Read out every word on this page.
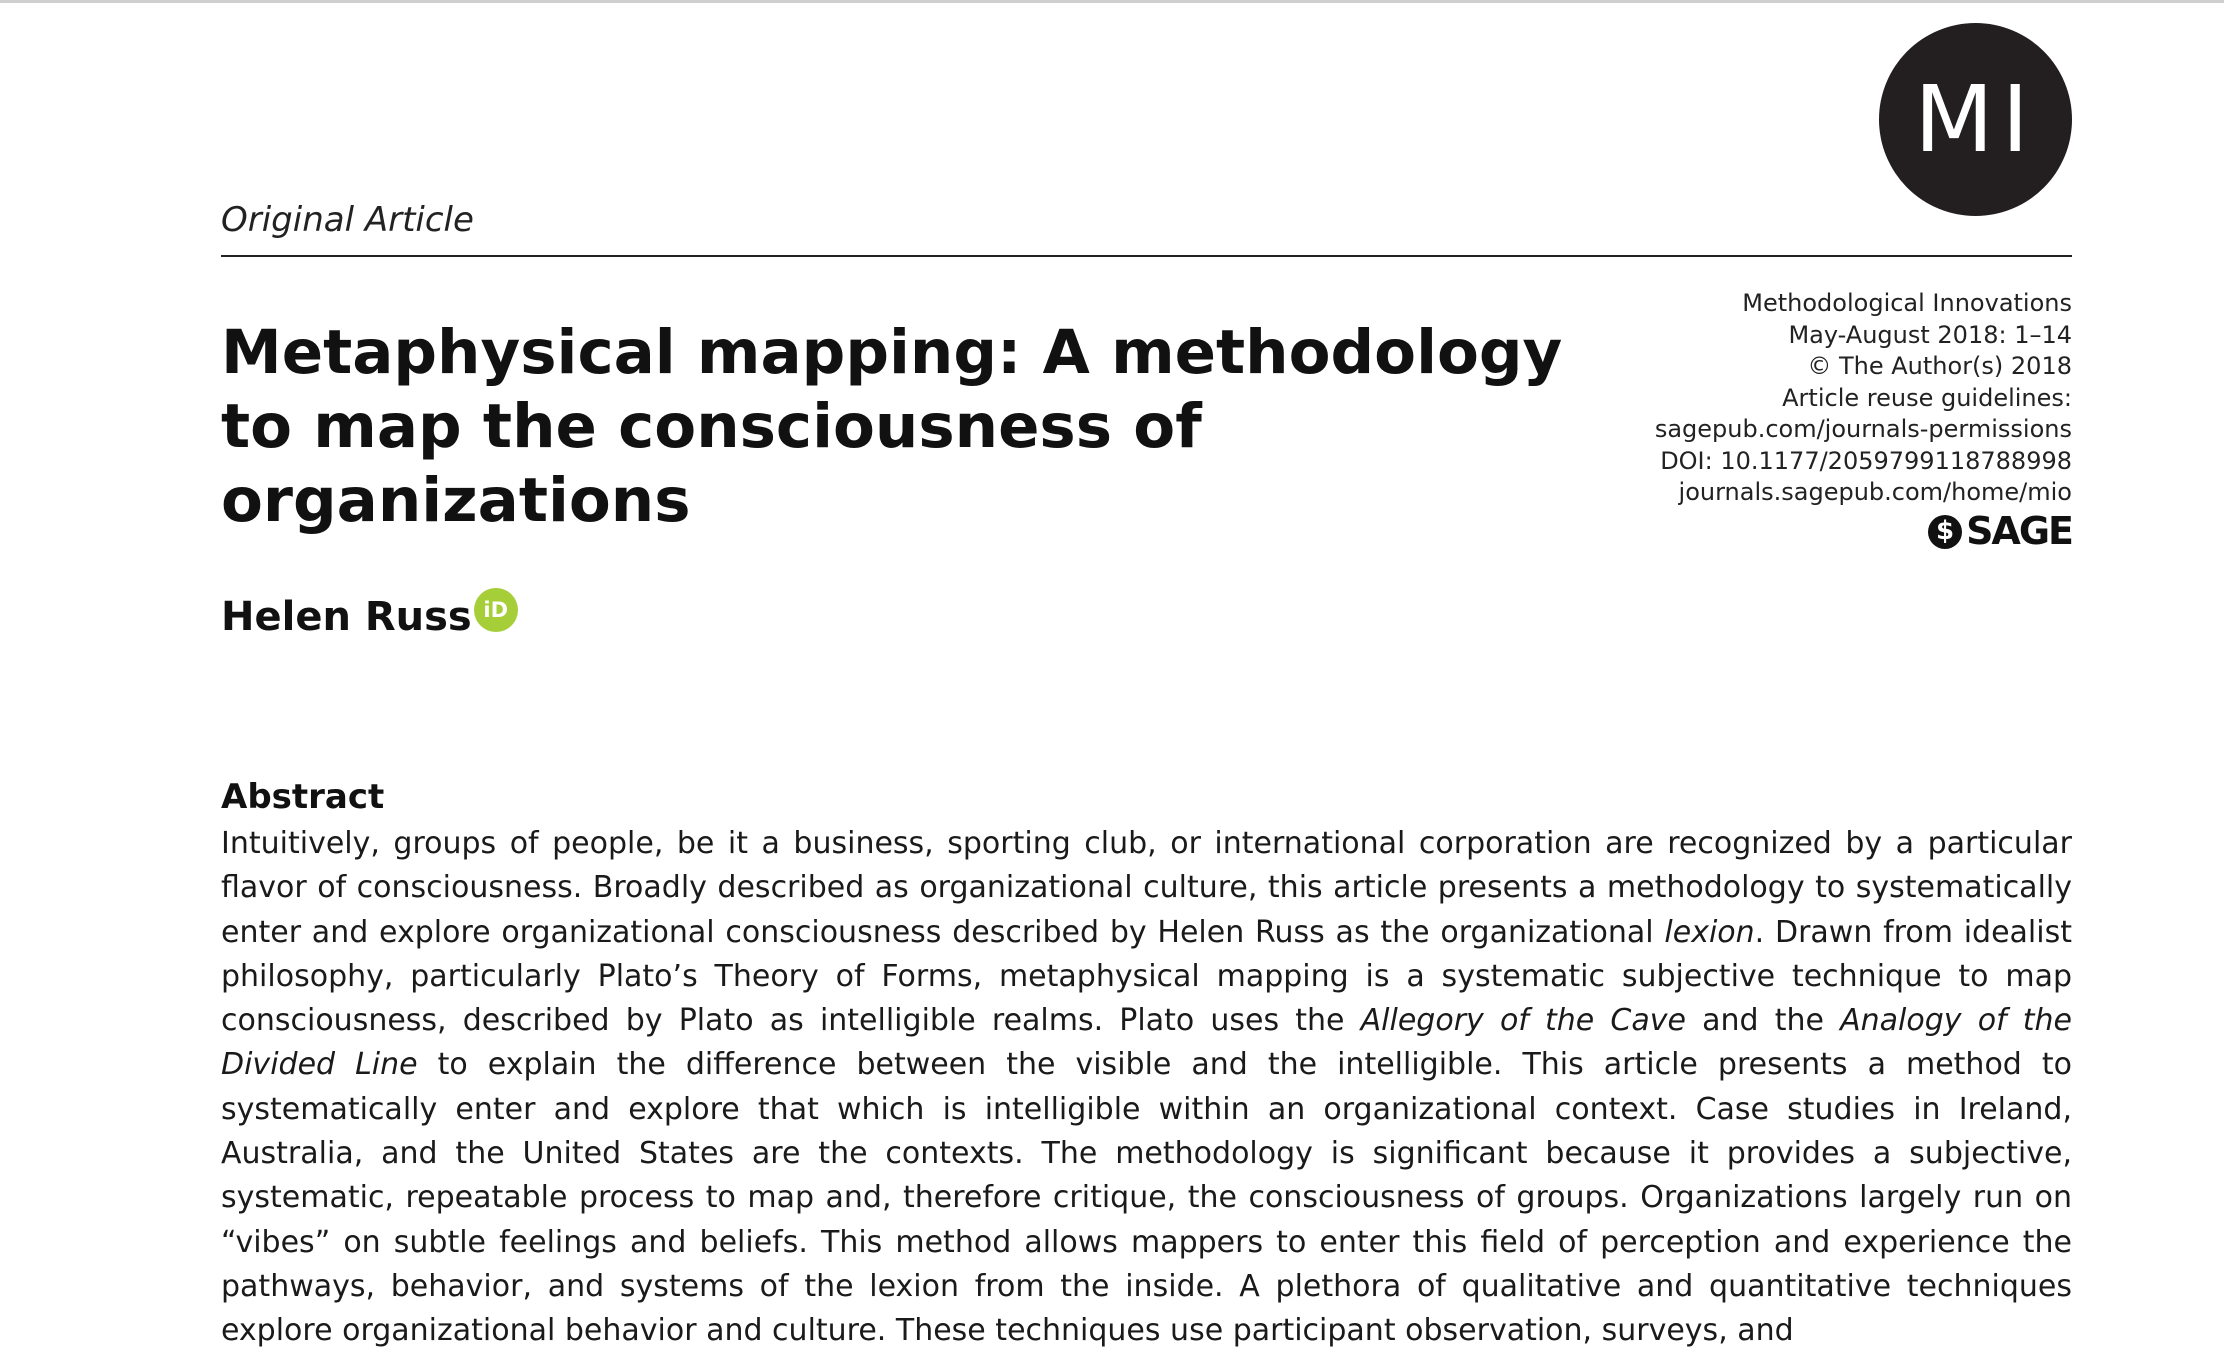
MI
Original Article
Metaphysical mapping: A methodology to map the consciousness of organizations
Methodological Innovations
May-August 2018: 1–14
© The Author(s) 2018
Article reuse guidelines:
sagepub.com/journals-permissions
DOI: 10.1177/2059799118788998
journals.sagepub.com/home/mio
$ SAGE
Helen Russ iD
Abstract

Intuitively, groups of people, be it a business, sporting club, or international corporation are recognized by a particular flavor of consciousness. Broadly described as organizational culture, this article presents a methodology to systematically enter and explore organizational consciousness described by Helen Russ as the organizational lexion. Drawn from idealist philosophy, particularly Plato’s Theory of Forms, metaphysical mapping is a systematic subjective technique to map consciousness, described by Plato as intelligible realms. Plato uses the Allegory of the Cave and the Analogy of the Divided Line to explain the difference between the visible and the intelligible. This article presents a method to systematically enter and explore that which is intelligible within an organizational context. Case studies in Ireland, Australia, and the United States are the contexts. The methodology is significant because it provides a subjective, systematic, repeatable process to map and, therefore critique, the consciousness of groups. Organizations largely run on “vibes” on subtle feelings and beliefs. This method allows mappers to enter this field of perception and experience the pathways, behavior, and systems of the lexion from the inside. A plethora of qualitative and quantitative techniques explore organizational behavior and culture. These techniques use participant observation, surveys, and
